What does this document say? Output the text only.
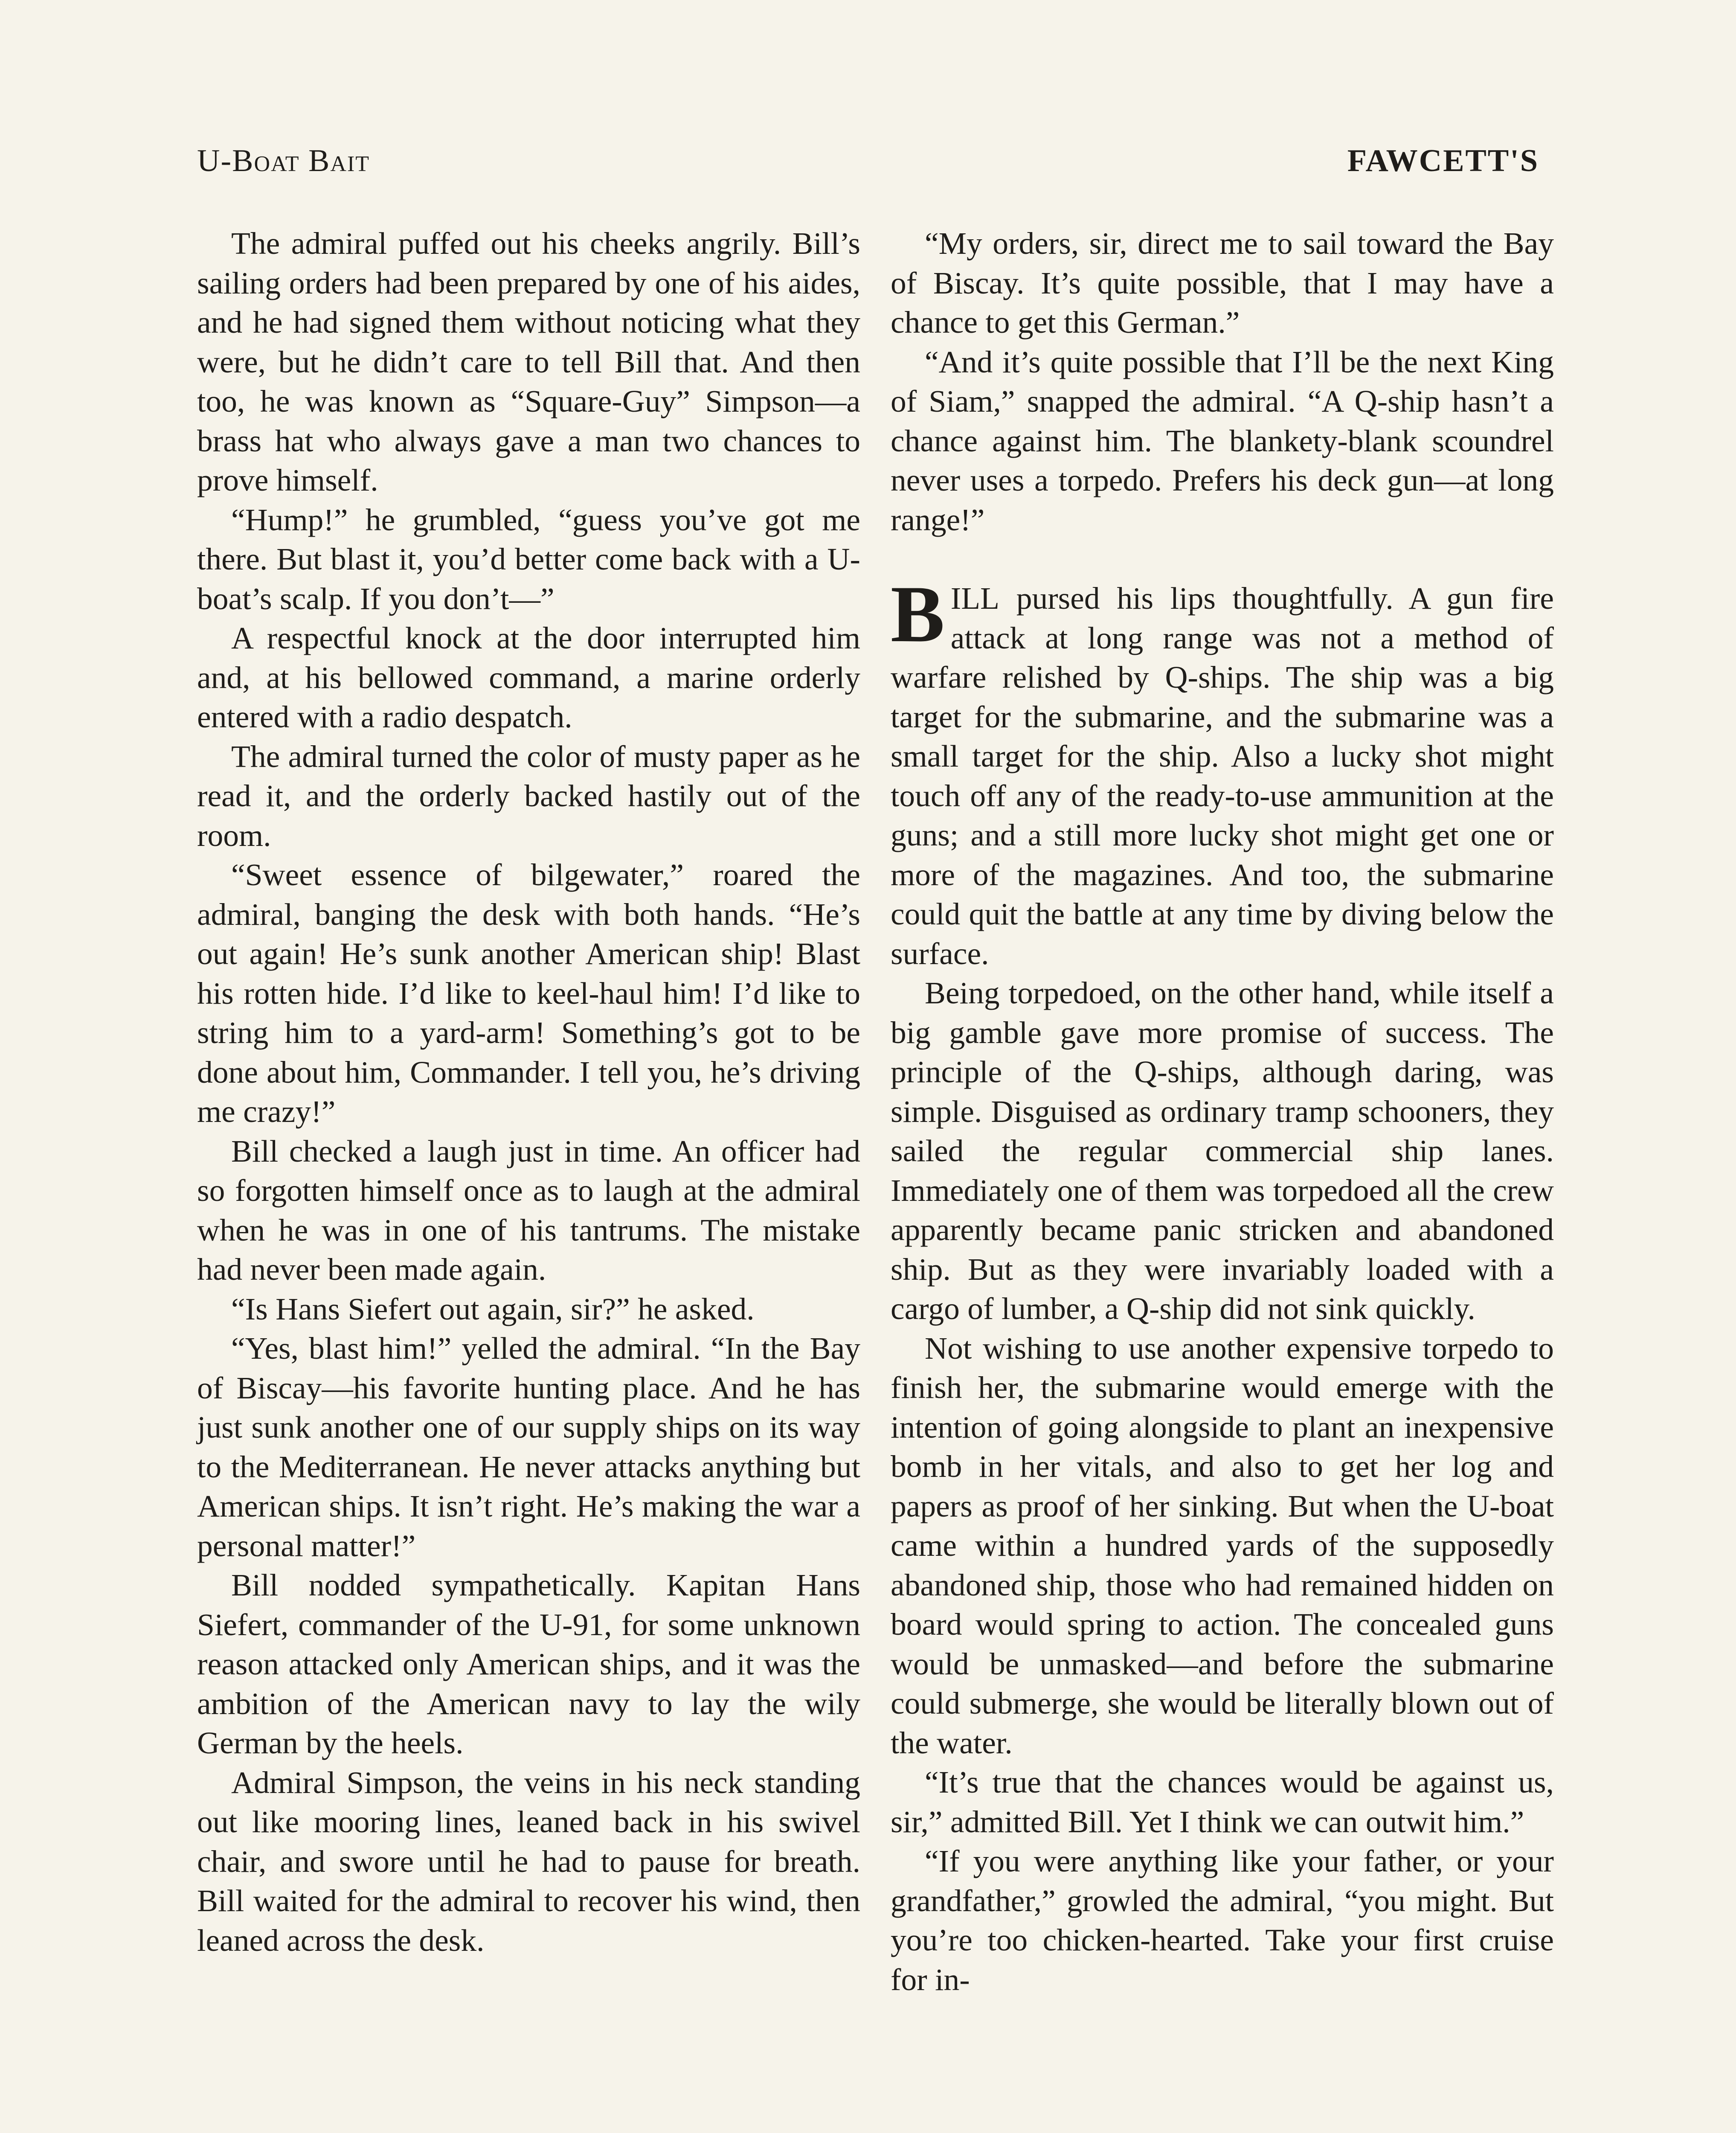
U-Boat Bait	FAWCETT'S

The admiral puffed out his cheeks angrily. Bill’s sailing orders had been prepared by one of his aides, and he had signed them without noticing what they were, but he didn’t care to tell Bill that. And then too, he was known as “Square-Guy” Simpson—a brass hat who always gave a man two chances to prove himself.

“Hump!” he grumbled, “guess you’ve got me there. But blast it, you’d better come back with a U-boat’s scalp. If you don’t—”

A respectful knock at the door interrupted him and, at his bellowed command, a marine orderly entered with a radio despatch.

The admiral turned the color of musty paper as he read it, and the orderly backed hastily out of the room.

“Sweet essence of bilgewater,” roared the admiral, banging the desk with both hands. “He’s out again! He’s sunk another American ship! Blast his rotten hide. I’d like to keel-haul him! I’d like to string him to a yard-arm! Something’s got to be done about him, Commander. I tell you, he’s driving me crazy!”

Bill checked a laugh just in time. An officer had so forgotten himself once as to laugh at the admiral when he was in one of his tantrums. The mistake had never been made again.

“Is Hans Siefert out again, sir?” he asked.

“Yes, blast him!” yelled the admiral. “In the Bay of Biscay—his favorite hunting place. And he has just sunk another one of our supply ships on its way to the Mediterranean. He never attacks anything but American ships. It isn’t right. He’s making the war a personal matter!”

Bill nodded sympathetically. Kapitan Hans Siefert, commander of the U-91, for some unknown reason attacked only American ships, and it was the ambition of the American navy to lay the wily German by the heels.

Admiral Simpson, the veins in his neck standing out like mooring lines, leaned back in his swivel chair, and swore until he had to pause for breath. Bill waited for the admiral to recover his wind, then leaned across the desk.

“My orders, sir, direct me to sail toward the Bay of Biscay. It’s quite possible, that I may have a chance to get this German.”

“And it’s quite possible that I’ll be the next King of Siam,” snapped the admiral. “A Q-ship hasn’t a chance against him. The blankety-blank scoundrel never uses a torpedo. Prefers his deck gun—at long range!”

BILL pursed his lips thoughtfully. A gun fire attack at long range was not a method of warfare relished by Q-ships. The ship was a big target for the submarine, and the submarine was a small target for the ship. Also a lucky shot might touch off any of the ready-to-use ammunition at the guns; and a still more lucky shot might get one or more of the magazines. And too, the submarine could quit the battle at any time by diving below the surface.

Being torpedoed, on the other hand, while itself a big gamble gave more promise of success. The principle of the Q-ships, although daring, was simple. Disguised as ordinary tramp schooners, they sailed the regular commercial ship lanes. Immediately one of them was torpedoed all the crew apparently became panic stricken and abandoned ship. But as they were invariably loaded with a cargo of lumber, a Q-ship did not sink quickly.

Not wishing to use another expensive torpedo to finish her, the submarine would emerge with the intention of going alongside to plant an inexpensive bomb in her vitals, and also to get her log and papers as proof of her sinking. But when the U-boat came within a hundred yards of the supposedly abandoned ship, those who had remained hidden on board would spring to action. The concealed guns would be unmasked—and before the submarine could submerge, she would be literally blown out of the water.

“It’s true that the chances would be against us, sir,” admitted Bill. Yet I think we can outwit him.”

“If you were anything like your father, or your grandfather,” growled the admiral, “you might. But you’re too chicken-hearted. Take your first cruise for in-
